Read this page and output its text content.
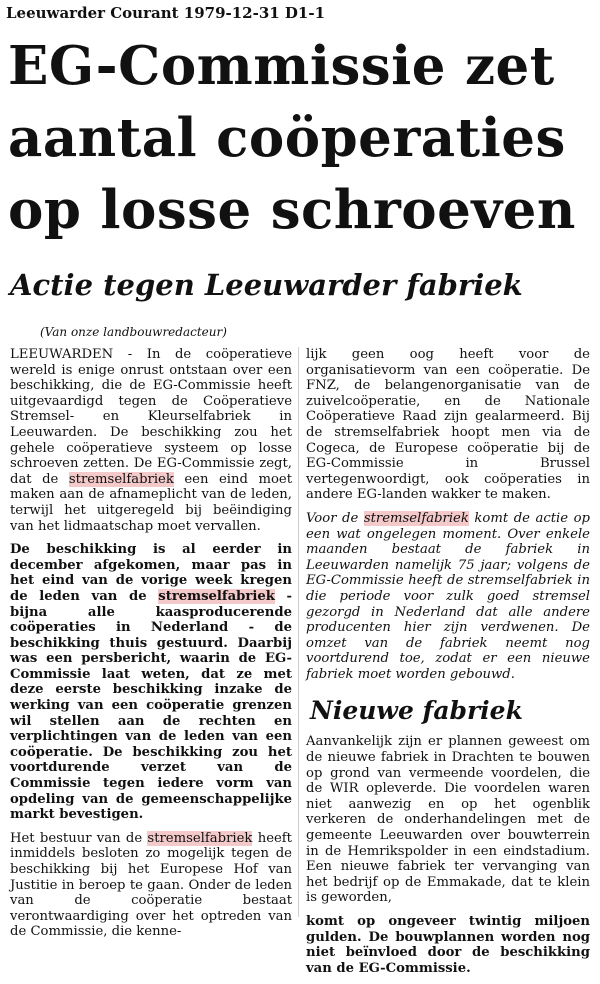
Leeuwarder Courant 1979-12-31 D1-1
EG-Commissie zet
aantal coöperaties
op losse schroeven
Actie tegen Leeuwarder fabriek
(Van onze landbouwredacteur)

LEEUWARDEN - In de coöperatieve wereld is enige onrust ontstaan over een beschikking, die de EG-Commissie heeft uitgevaardigd tegen de Coöperatieve Stremsel- en Kleurselfabriek in Leeuwarden. De beschikking zou het gehele coöperatieve systeem op losse schroeven zetten. De EG-Commissie zegt, dat de stremselfabriek een eind moet maken aan de afnameplicht van de leden, terwijl het uitgeregeld bij beëindiging van het lidmaatschap moet vervallen.

De beschikking is al eerder in december afgekomen, maar pas in het eind van de vorige week kregen de leden van de stremselfabriek - bijna alle kaasproducerende coöperaties in Nederland - de beschikking thuis gestuurd. Daarbij was een persbericht, waarin de EG-Commissie laat weten, dat ze met deze eerste beschikking inzake de werking van een coöperatie grenzen wil stellen aan de rechten en verplichtingen van de leden van een coöperatie. De beschikking zou het voortdurende verzet van de Commissie tegen iedere vorm van opdeling van de gemeenschappelijke markt bevestigen.

Het bestuur van de stremselfabriek heeft inmiddels besloten zo mogelijk tegen de beschikking bij het Europese Hof van Justitie in beroep te gaan. Onder de leden van de coöperatie bestaat verontwaardiging over het optreden van de Commissie, die kenne-

lijk geen oog heeft voor de organisatievorm van een coöperatie. De FNZ, de belangenorganisatie van de zuivelcoöperatie, en de Nationale Coöperatieve Raad zijn gealarmeerd. Bij de stremselfabriek hoopt men via de Cogeca, de Europese coöperatie bij de EG-Commissie in Brussel vertegenwoordigt, ook coöperaties in andere EG-landen wakker te maken.

Voor de stremselfabriek komt de actie op een wat ongelegen moment. Over enkele maanden bestaat de fabriek in Leeuwarden namelijk 75 jaar; volgens de EG-Commissie heeft de stremselfabriek in die periode voor zulk goed stremsel gezorgd in Nederland dat alle andere producenten hier zijn verdwenen. De omzet van de fabriek neemt nog voortdurend toe, zodat er een nieuwe fabriek moet worden gebouwd.

Nieuwe fabriek

Aanvankelijk zijn er plannen geweest om de nieuwe fabriek in Drachten te bouwen op grond van vermeende voordelen, die de WIR opleverde. Die voordelen waren niet aanwezig en op het ogenblik verkeren de onderhandelingen met de gemeente Leeuwarden over bouwterrein in de Hemrikspolder in een eindstadium. Een nieuwe fabriek ter vervanging van het bedrijf op de Emmakade, dat te klein is geworden,

komt op ongeveer twintig miljoen gulden. De bouwplannen worden nog niet beïnvloed door de beschikking van de EG-Commissie.
